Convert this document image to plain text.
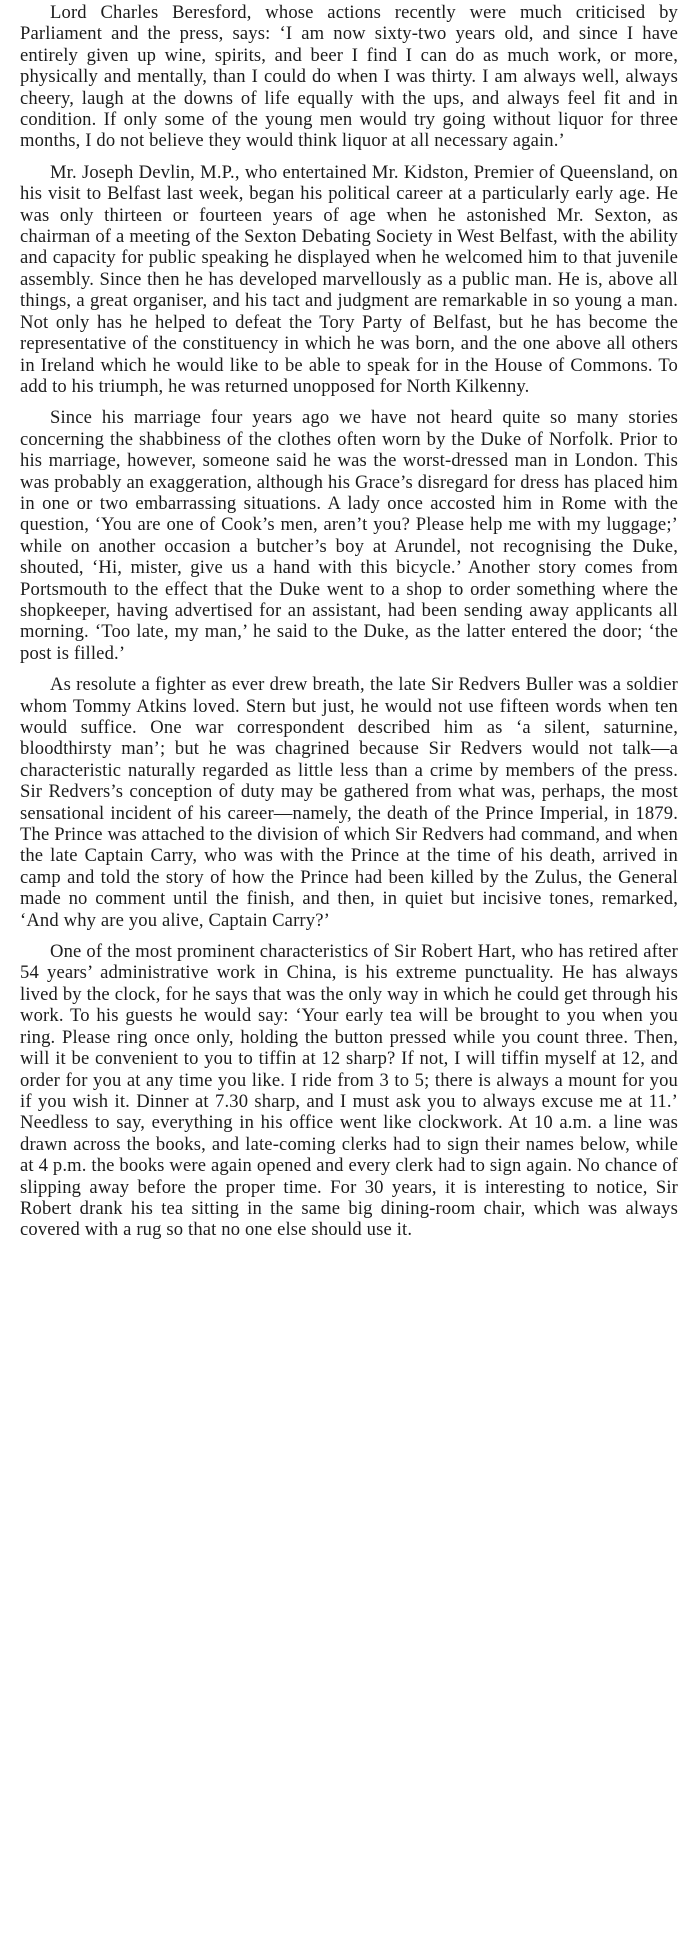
Lord Charles Beresford, whose actions recently were much criticised by Parliament and the press, says: ‘I am now sixty-two years old, and since I have entirely given up wine, spirits, and beer I find I can do as much work, or more, physically and mentally, than I could do when I was thirty. I am always well, always cheery, laugh at the downs of life equally with the ups, and always feel fit and in condition. If only some of the young men would try going without liquor for three months, I do not believe they would think liquor at all necessary again.’

Mr. Joseph Devlin, M.P., who entertained Mr. Kidston, Premier of Queensland, on his visit to Belfast last week, began his political career at a particularly early age. He was only thirteen or fourteen years of age when he astonished Mr. Sexton, as chairman of a meeting of the Sexton Debating Society in West Belfast, with the ability and capacity for public speaking he displayed when he welcomed him to that juvenile assembly. Since then he has developed marvellously as a public man. He is, above all things, a great organiser, and his tact and judgment are remarkable in so young a man. Not only has he helped to defeat the Tory Party of Belfast, but he has become the representative of the constituency in which he was born, and the one above all others in Ireland which he would like to be able to speak for in the House of Commons. To add to his triumph, he was returned unopposed for North Kilkenny.

Since his marriage four years ago we have not heard quite so many stories concerning the shabbiness of the clothes often worn by the Duke of Norfolk. Prior to his marriage, however, someone said he was the worst-dressed man in London. This was probably an exaggeration, although his Grace’s disregard for dress has placed him in one or two embarrassing situations. A lady once accosted him in Rome with the question, ‘You are one of Cook’s men, aren’t you? Please help me with my luggage;’ while on another occasion a butcher’s boy at Arundel, not recognising the Duke, shouted, ‘Hi, mister, give us a hand with this bicycle.’ Another story comes from Portsmouth to the effect that the Duke went to a shop to order something where the shopkeeper, having advertised for an assistant, had been sending away applicants all morning. ‘Too late, my man,’ he said to the Duke, as the latter entered the door; ‘the post is filled.’

As resolute a fighter as ever drew breath, the late Sir Redvers Buller was a soldier whom Tommy Atkins loved. Stern but just, he would not use fifteen words when ten would suffice. One war correspondent described him as ‘a silent, saturnine, bloodthirsty man’; but he was chagrined because Sir Redvers would not talk—a characteristic naturally regarded as little less than a crime by members of the press. Sir Redvers’s conception of duty may be gathered from what was, perhaps, the most sensational incident of his career—namely, the death of the Prince Imperial, in 1879. The Prince was attached to the division of which Sir Redvers had command, and when the late Captain Carry, who was with the Prince at the time of his death, arrived in camp and told the story of how the Prince had been killed by the Zulus, the General made no comment until the finish, and then, in quiet but incisive tones, remarked, ‘And why are you alive, Captain Carry?’

One of the most prominent characteristics of Sir Robert Hart, who has retired after 54 years’ administrative work in China, is his extreme punctuality. He has always lived by the clock, for he says that was the only way in which he could get through his work. To his guests he would say: ‘Your early tea will be brought to you when you ring. Please ring once only, holding the button pressed while you count three. Then, will it be convenient to you to tiffin at 12 sharp? If not, I will tiffin myself at 12, and order for you at any time you like. I ride from 3 to 5; there is always a mount for you if you wish it. Dinner at 7.30 sharp, and I must ask you to always excuse me at 11.’ Needless to say, everything in his office went like clockwork. At 10 a.m. a line was drawn across the books, and late-coming clerks had to sign their names below, while at 4 p.m. the books were again opened and every clerk had to sign again. No chance of slipping away before the proper time. For 30 years, it is interesting to notice, Sir Robert drank his tea sitting in the same big dining-room chair, which was always covered with a rug so that no one else should use it.
